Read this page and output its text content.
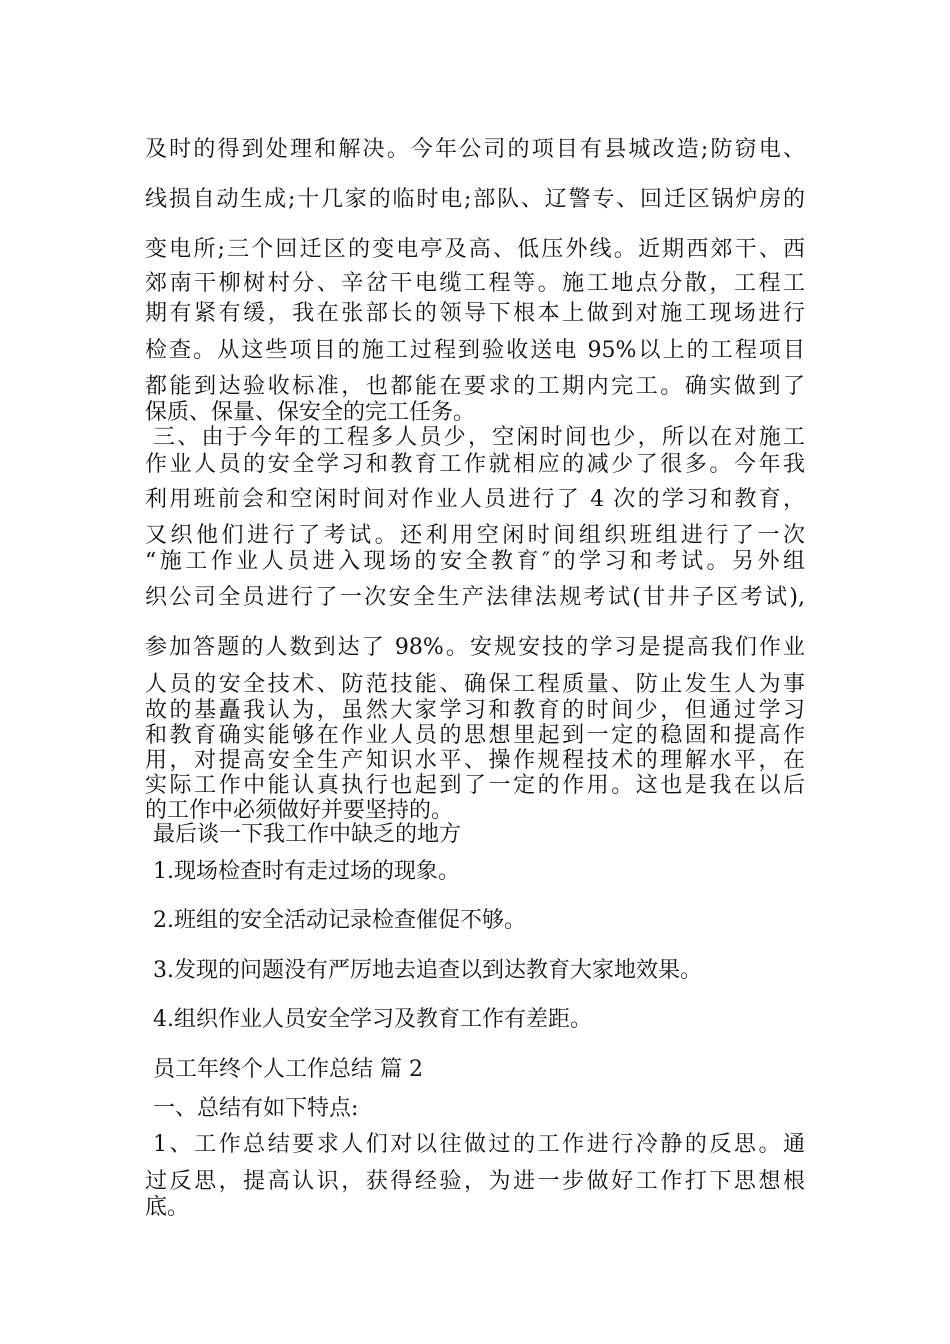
及时的得到处理和解决。今年公司的项目有县城改造;防窃电、
线损自动生成;十几家的临时电;部队、辽警专、回迁区锅炉房的
变电所;三个回迁区的变电亭及高、低压外线。近期西郊干、西
郊南干柳树村分、辛岔干电缆工程等。施工地点分散，工程工
期有紧有缓，我在张部长的领导下根本上做到对施工现场进行
检查。从这些项目的施工过程到验收送电 95%以上的工程项目
都能到达验收标准，也都能在要求的工期内完工。确实做到了
保质、保量、保安全的完工任务。
三、由于今年的工程多人员少，空闲时间也少，所以在对施工
作业人员的安全学习和教育工作就相应的减少了很多。今年我
利用班前会和空闲时间对作业人员进行了 4 次的学习和教育，
又织他们进行了考试。还利用空闲时间组织班组进行了一次
“施工作业人员进入现场的安全教育″的学习和考试。另外组
织公司全员进行了一次安全生产法律法规考试(甘井子区考试),
参加答题的人数到达了 98%。安规安技的学习是提高我们作业
人员的安全技术、防范技能、确保工程质量、防止发生人为事
故的基矗我认为，虽然大家学习和教育的时间少，但通过学习
和教育确实能够在作业人员的思想里起到一定的稳固和提高作
用，对提高安全生产知识水平、操作规程技术的理解水平，在
实际工作中能认真执行也起到了一定的作用。这也是我在以后
的工作中必须做好并要坚持的。
最后谈一下我工作中缺乏的地方
1.现场检查时有走过场的现象。
2.班组的安全活动记录检查催促不够。
3.发现的问题没有严厉地去追查以到达教育大家地效果。
4.组织作业人员安全学习及教育工作有差距。
员工年终个人工作总结 篇 2
一、总结有如下特点:
1、工作总结要求人们对以往做过的工作进行冷静的反思。通
过反思，提高认识，获得经验，为进一步做好工作打下思想根
底。
